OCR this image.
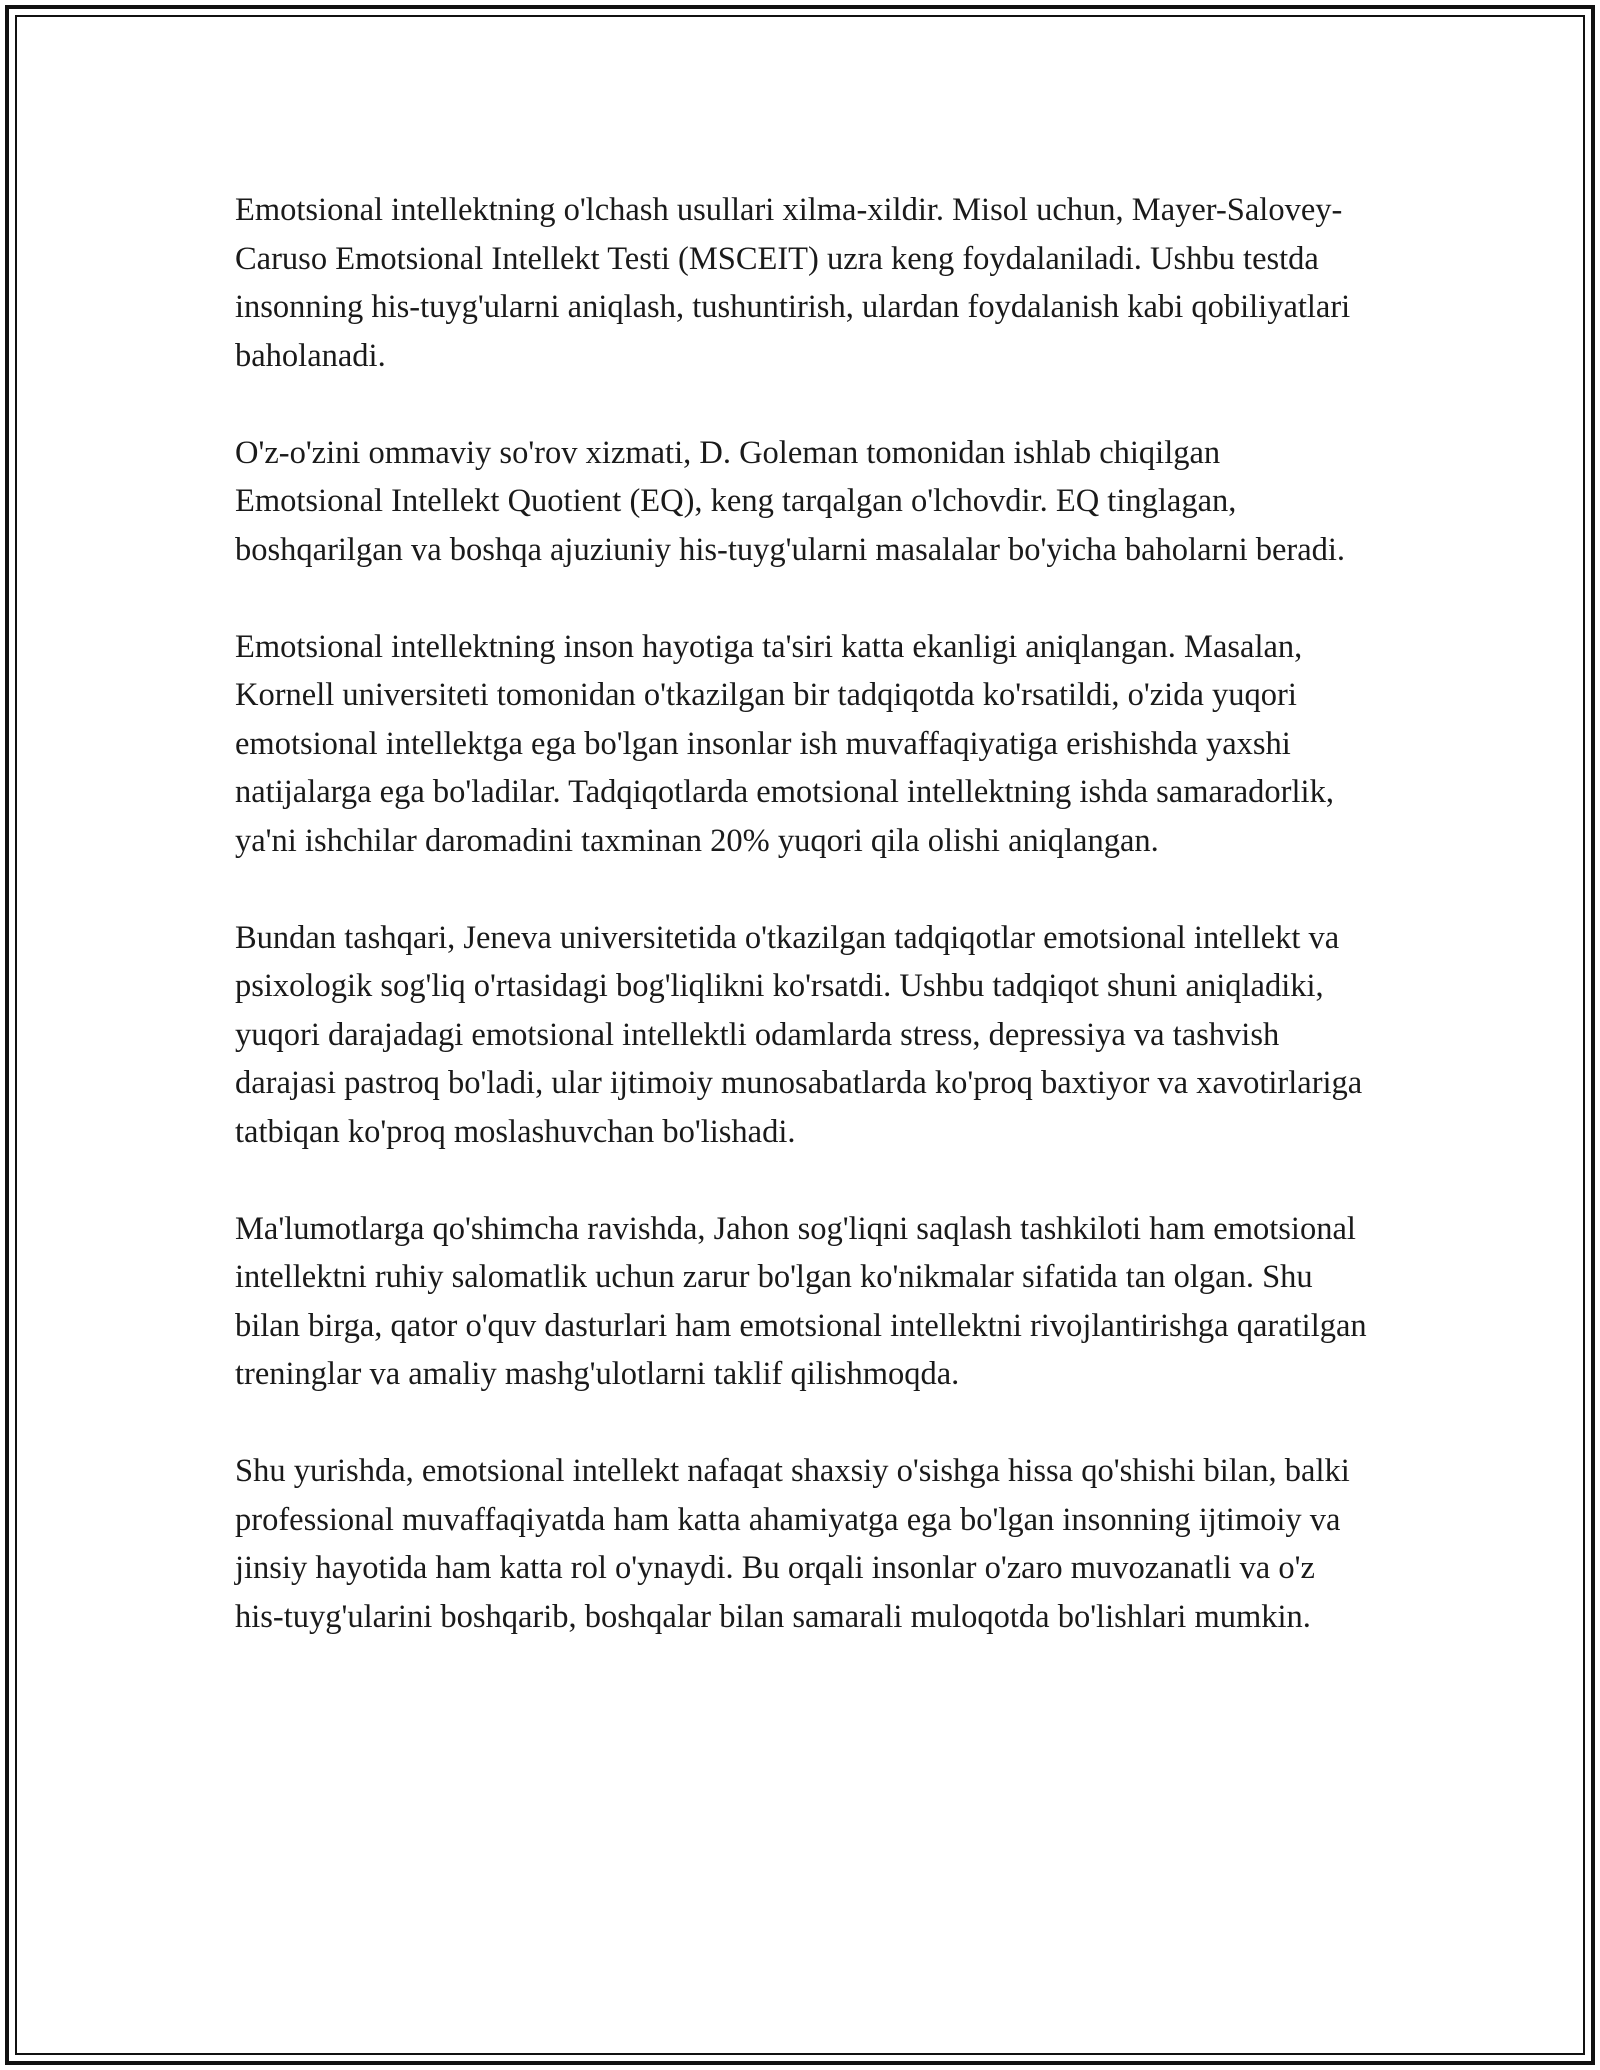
Emotsional intellektning o'lchash usullari xilma-xildir. Misol uchun, Mayer-Salovey-Caruso Emotsional Intellekt Testi (MSCEIT) uzra keng foydalaniladi. Ushbu testda insonning his-tuyg'ularni aniqlash, tushuntirish, ulardan foydalanish kabi qobiliyatlari baholanadi.

O'z-o'zini ommaviy so'rov xizmati, D. Goleman tomonidan ishlab chiqilgan Emotsional Intellekt Quotient (EQ), keng tarqalgan o'lchovdir. EQ tinglagan, boshqarilgan va boshqa ajuziuniy his-tuyg'ularni masalalar bo'yicha baholarni beradi.

Emotsional intellektning inson hayotiga ta'siri katta ekanligi aniqlangan. Masalan, Kornell universiteti tomonidan o'tkazilgan bir tadqiqotda ko'rsatildi, o'zida yuqori emotsional intellektga ega bo'lgan insonlar ish muvaffaqiyatiga erishishda yaxshi natijalarga ega bo'ladilar. Tadqiqotlarda emotsional intellektning ishda samaradorlik, ya'ni ishchilar daromadini taxminan 20% yuqori qila olishi aniqlangan.

Bundan tashqari, Jeneva universitetida o'tkazilgan tadqiqotlar emotsional intellekt va psixologik sog'liq o'rtasidagi bog'liqlikni ko'rsatdi. Ushbu tadqiqot shuni aniqladiki, yuqori darajadagi emotsional intellektli odamlarda stress, depressiya va tashvish darajasi pastroq bo'ladi, ular ijtimoiy munosabatlarda ko'proq baxtiyor va xavotirlariga tatbiqan ko'proq moslashuvchan bo'lishadi.

Ma'lumotlarga qo'shimcha ravishda, Jahon sog'liqni saqlash tashkiloti ham emotsional intellektni ruhiy salomatlik uchun zarur bo'lgan ko'nikmalar sifatida tan olgan. Shu bilan birga, qator o'quv dasturlari ham emotsional intellektni rivojlantirishga qaratilgan treninglar va amaliy mashg'ulotlarni taklif qilishmoqda.

Shu yurishda, emotsional intellekt nafaqat shaxsiy o'sishga hissa qo'shishi bilan, balki professional muvaffaqiyatda ham katta ahamiyatga ega bo'lgan insonning ijtimoiy va jinsiy hayotida ham katta rol o'ynaydi. Bu orqali insonlar o'zaro muvozanatli va o'z his-tuyg'ularini boshqarib, boshqalar bilan samarali muloqotda bo'lishlari mumkin.
